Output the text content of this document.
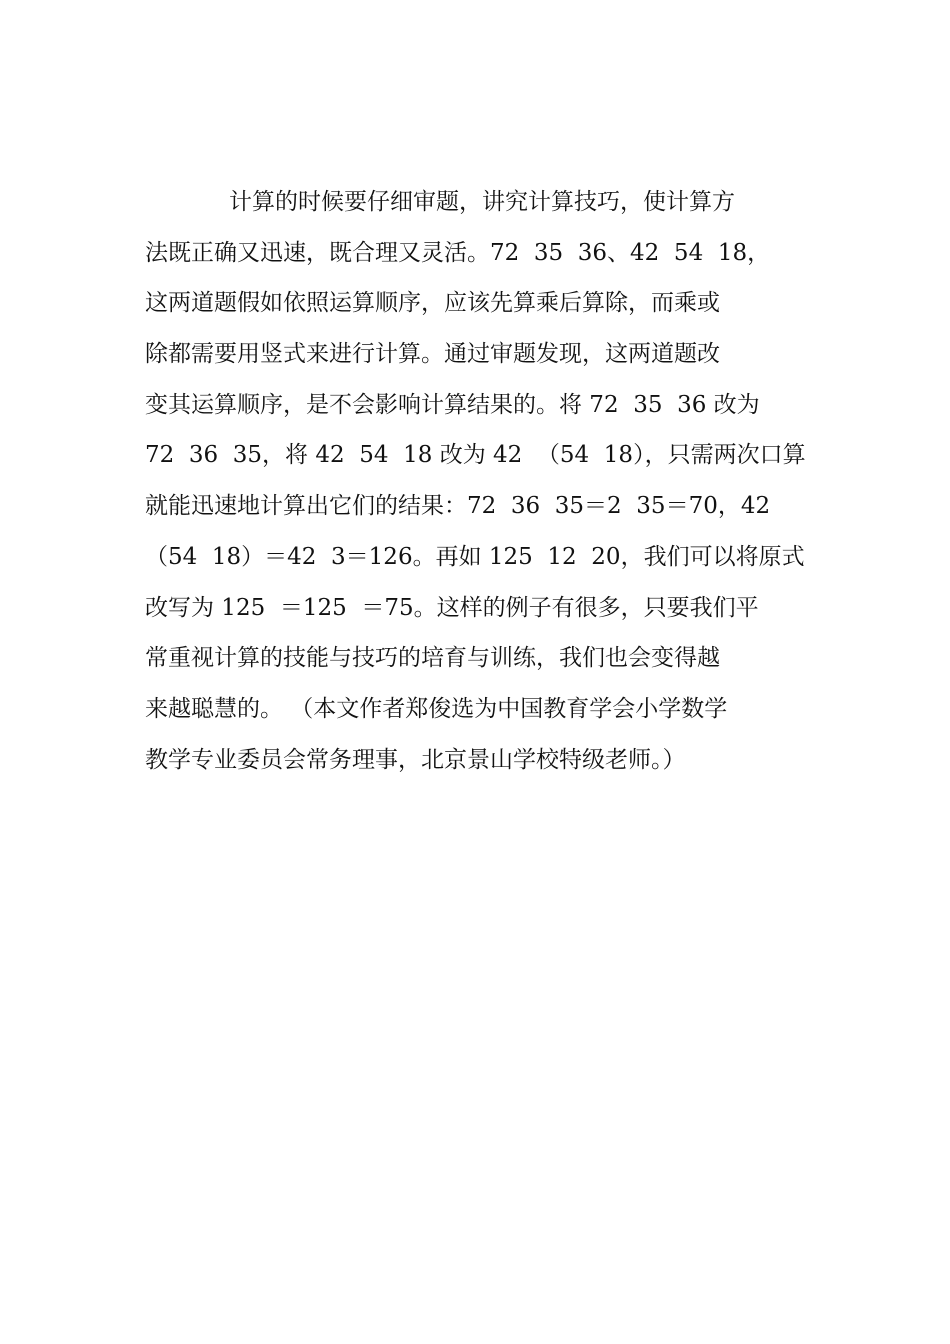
计算的时候要仔细审题，讲究计算技巧，使计算方
法既正确又迅速，既合理又灵活。72  35  36、42  54  18，
这两道题假如依照运算顺序，应该先算乘后算除，而乘或
除都需要用竖式来进行计算。通过审题发现，这两道题改
变其运算顺序，是不会影响计算结果的。将 72  35  36 改为
72  36  35，将 42  54  18 改为 42  （54  18），只需两次口算
就能迅速地计算出它们的结果：72  36  35＝2  35＝70，42
（54  18）＝42  3＝126。再如 125  12  20，我们可以将原式
改写为 125  ＝125  ＝75。这样的例子有很多，只要我们平
常重视计算的技能与技巧的培育与训练，我们也会变得越
来越聪慧的。 （本文作者郑俊选为中国教育学会小学数学
教学专业委员会常务理事，北京景山学校特级老师。）
